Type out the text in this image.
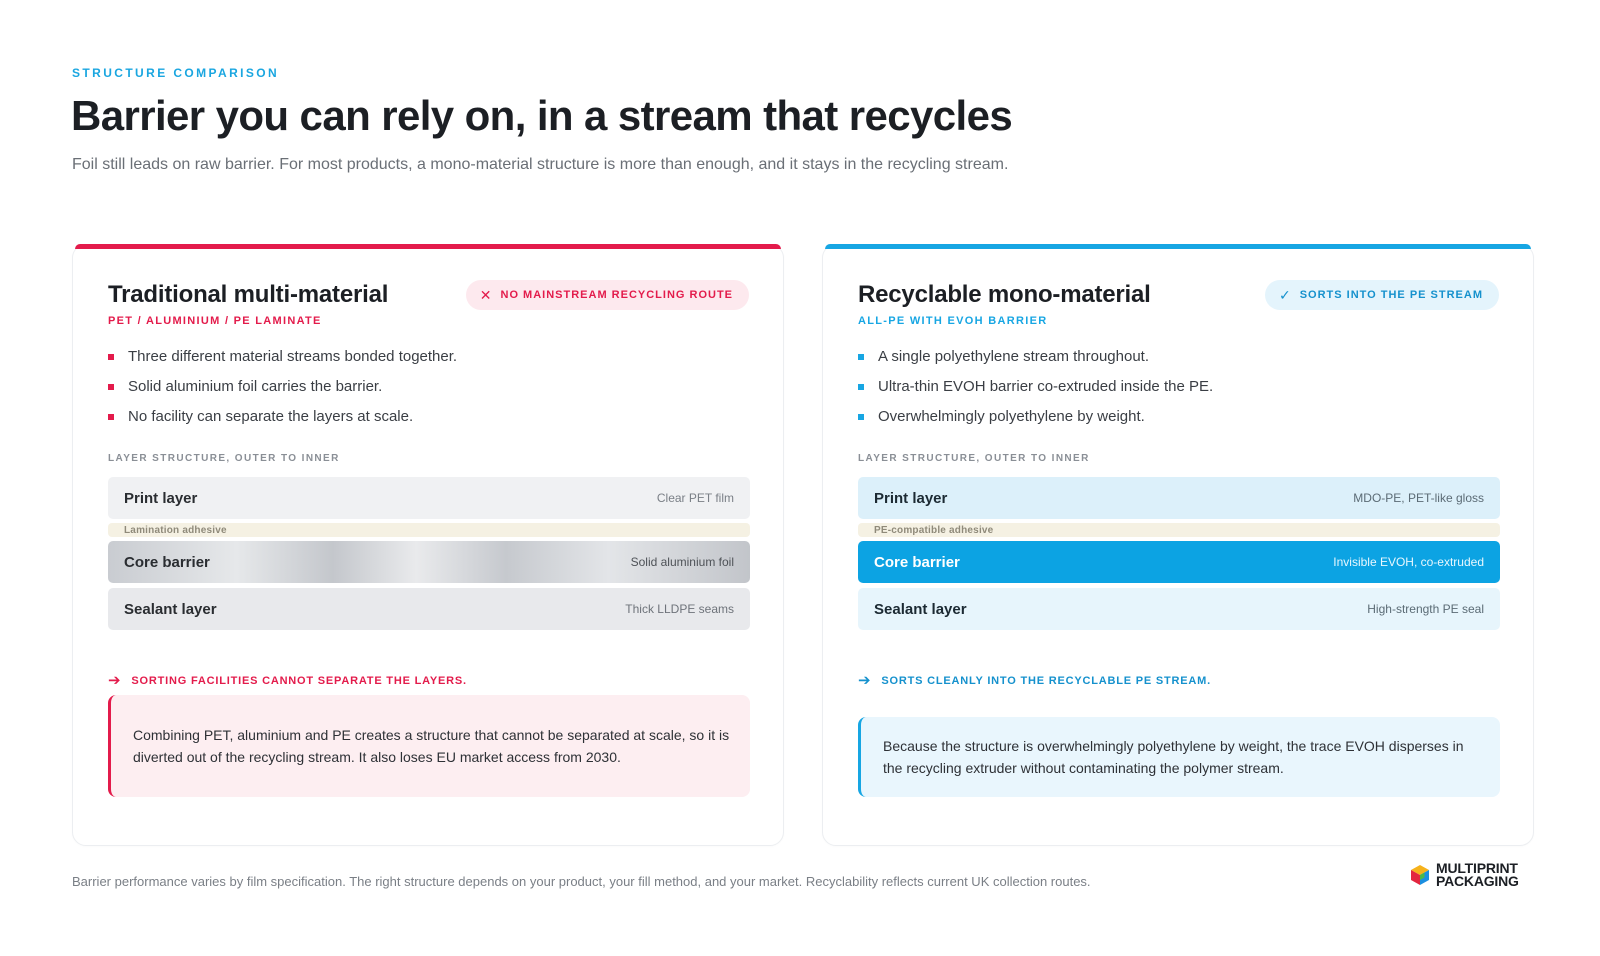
STRUCTURE COMPARISON
Barrier you can rely on, in a stream that recycles

Foil still leads on raw barrier. For most products, a mono-material structure is more than enough, and it stays in the recycling stream.

Traditional multi-material
PET / ALUMINIUM / PE LAMINATE
✕ NO MAINSTREAM RECYCLING ROUTE
Three different material streams bonded together.
Solid aluminium foil carries the barrier.
No facility can separate the layers at scale.
LAYER STRUCTURE, OUTER TO INNER
Print layer	Clear PET film
Lamination adhesive
Core barrier	Solid aluminium foil
Sealant layer	Thick LLDPE seams
➔ SORTING FACILITIES CANNOT SEPARATE THE LAYERS.
Combining PET, aluminium and PE creates a structure that cannot be separated at scale, so it is diverted out of the recycling stream. It also loses EU market access from 2030.
Recyclable mono-material
ALL-PE WITH EVOH BARRIER
✓ SORTS INTO THE PE STREAM
A single polyethylene stream throughout.
Ultra-thin EVOH barrier co-extruded inside the PE.
Overwhelmingly polyethylene by weight.
LAYER STRUCTURE, OUTER TO INNER
Print layer	MDO-PE, PET-like gloss
PE-compatible adhesive
Core barrier	Invisible EVOH, co-extruded
Sealant layer	High-strength PE seal
➔ SORTS CLEANLY INTO THE RECYCLABLE PE STREAM.
Because the structure is overwhelmingly polyethylene by weight, the trace EVOH disperses in the recycling extruder without contaminating the polymer stream.

Barrier performance varies by film specification. The right structure depends on your product, your fill method, and your market. Recyclability reflects current UK collection routes.

MULTIPRINT
PACKAGING
